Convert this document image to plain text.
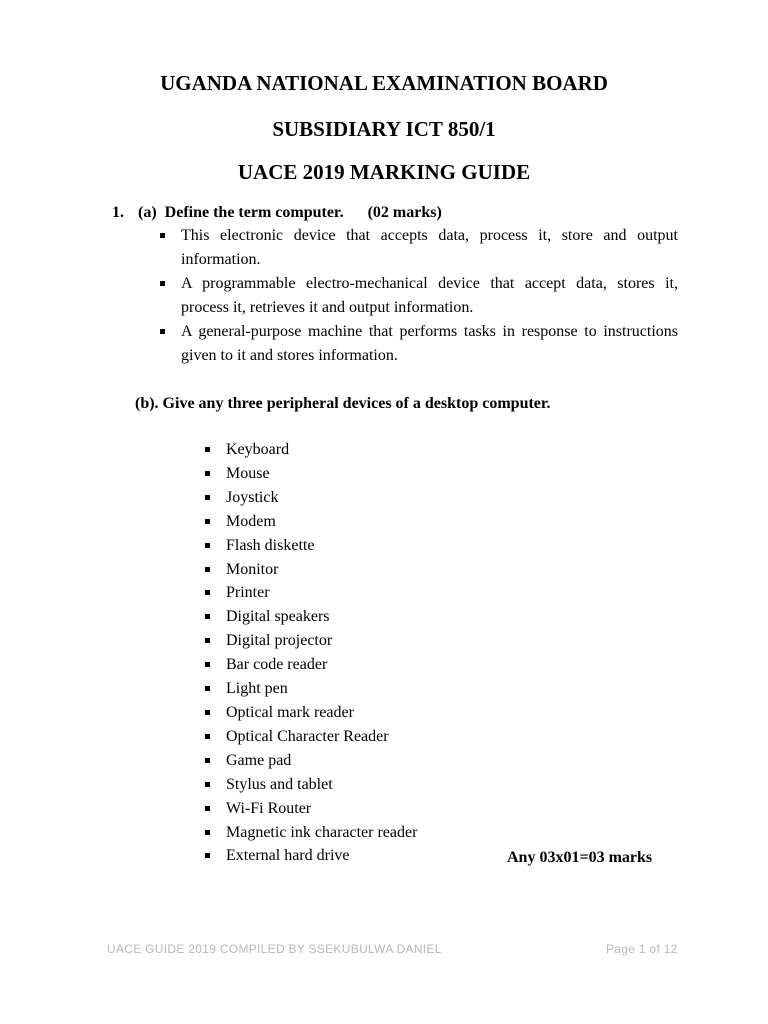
UGANDA NATIONAL EXAMINATION BOARD
SUBSIDIARY ICT 850/1
UACE 2019 MARKING GUIDE
1. (a) Define the term computer. (02 marks)
This electronic device that accepts data, process it, store and output information.
A programmable electro-mechanical device that accept data, stores it, process it, retrieves it and output information.
A general-purpose machine that performs tasks in response to instructions given to it and stores information.
(b). Give any three peripheral devices of a desktop computer.
Keyboard
Mouse
Joystick
Modem
Flash diskette
Monitor
Printer
Digital speakers
Digital projector
Bar code reader
Light pen
Optical mark reader
Optical Character Reader
Game pad
Stylus and tablet
Wi-Fi Router
Magnetic ink character reader
External hard drive	Any 03x01=03 marks
UACE GUIDE 2019 COMPILED BY SSEKUBULWA DANIEL	Page 1 of 12
